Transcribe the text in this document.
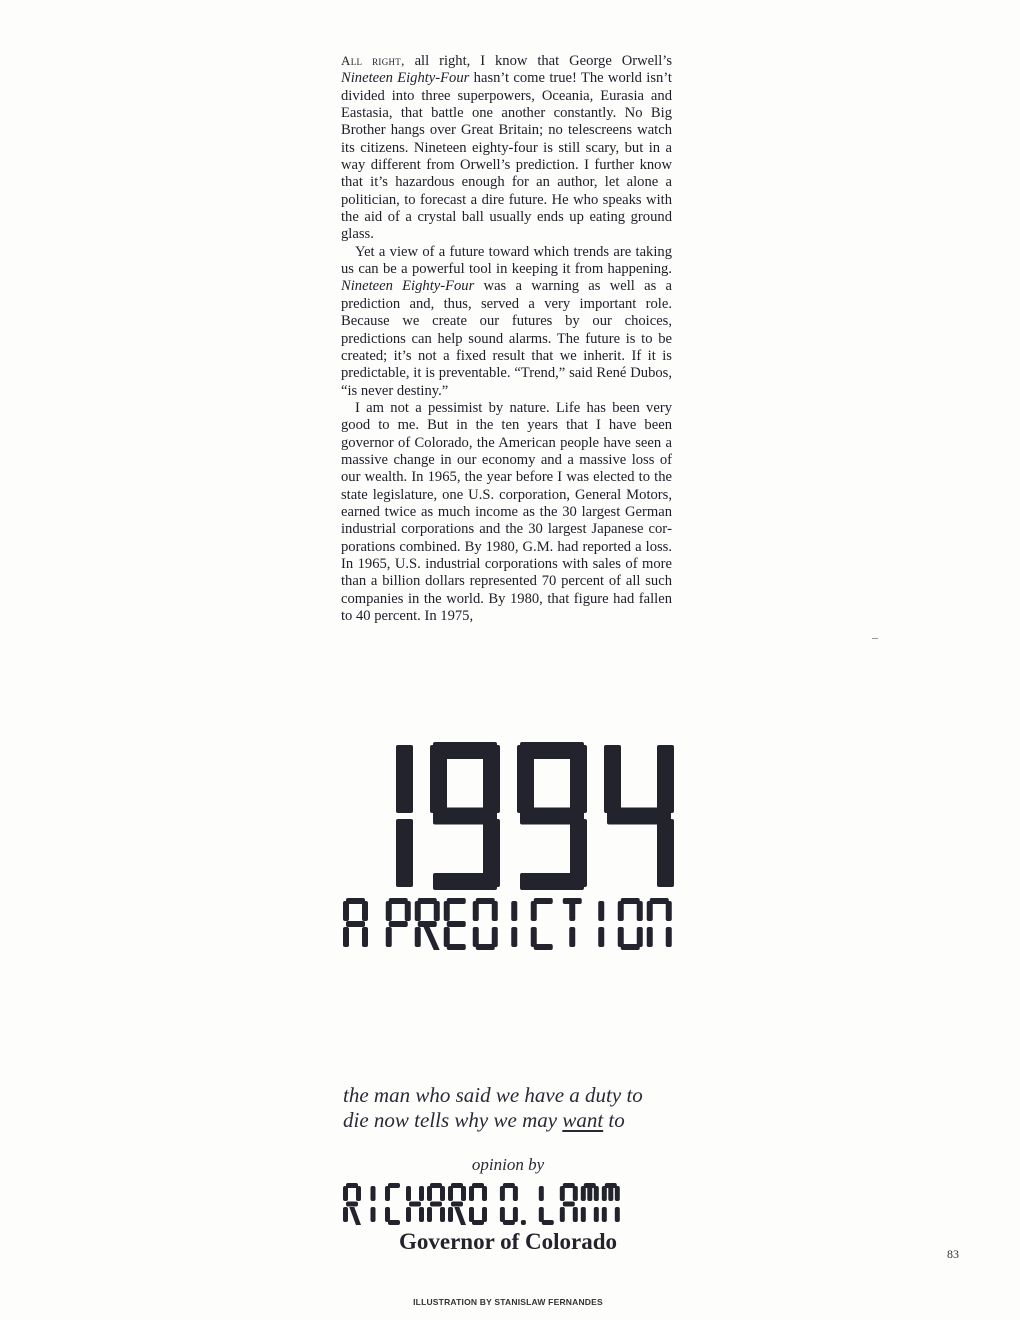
All right, all right, I know that George Orwell’s Nineteen Eighty-Four hasn’t come true! The world isn’t divided into three superpowers, Oceania, Eurasia and Eastasia, that battle one another constantly. No Big Brother hangs over Great Britain; no telescreens watch its citizens. Nineteen eighty-four is still scary, but in a way different from Orwell’s prediction. I further know that it’s hazardous enough for an author, let alone a politician, to forecast a dire future. He who speaks with the aid of a crystal ball usually ends up eating ground glass.

Yet a view of a future toward which trends are taking us can be a powerful tool in keeping it from happening. Nineteen Eighty-Four was a warning as well as a prediction and, thus, served a very important role. Because we create our futures by our choices, predictions can help sound alarms. The future is to be created; it’s not a fixed result that we inherit. If it is predictable, it is preventable. “Trend,” said René Dubos, “is never destiny.”

I am not a pessimist by nature. Life has been very good to me. But in the ten years that I have been governor of Colorado, the American people have seen a massive change in our economy and a massive loss of our wealth. In 1965, the year before I was elected to the state legislature, one U.S. corporation, General Motors, earned twice as much income as the 30 largest German industrial corporations and the 30 largest Japanese corporations combined. By 1980, G.M. had reported a loss. In 1965, U.S. industrial corporations with sales of more than a billion dollars represented 70 percent of all such companies in the world. By 1980, that figure had fallen to 40 percent. In 1975,

the man who said we have a duty to
die now tells why we may want to
opinion by
Governor of Colorado	83
ILLUSTRATION BY STANISLAW FERNANDES
